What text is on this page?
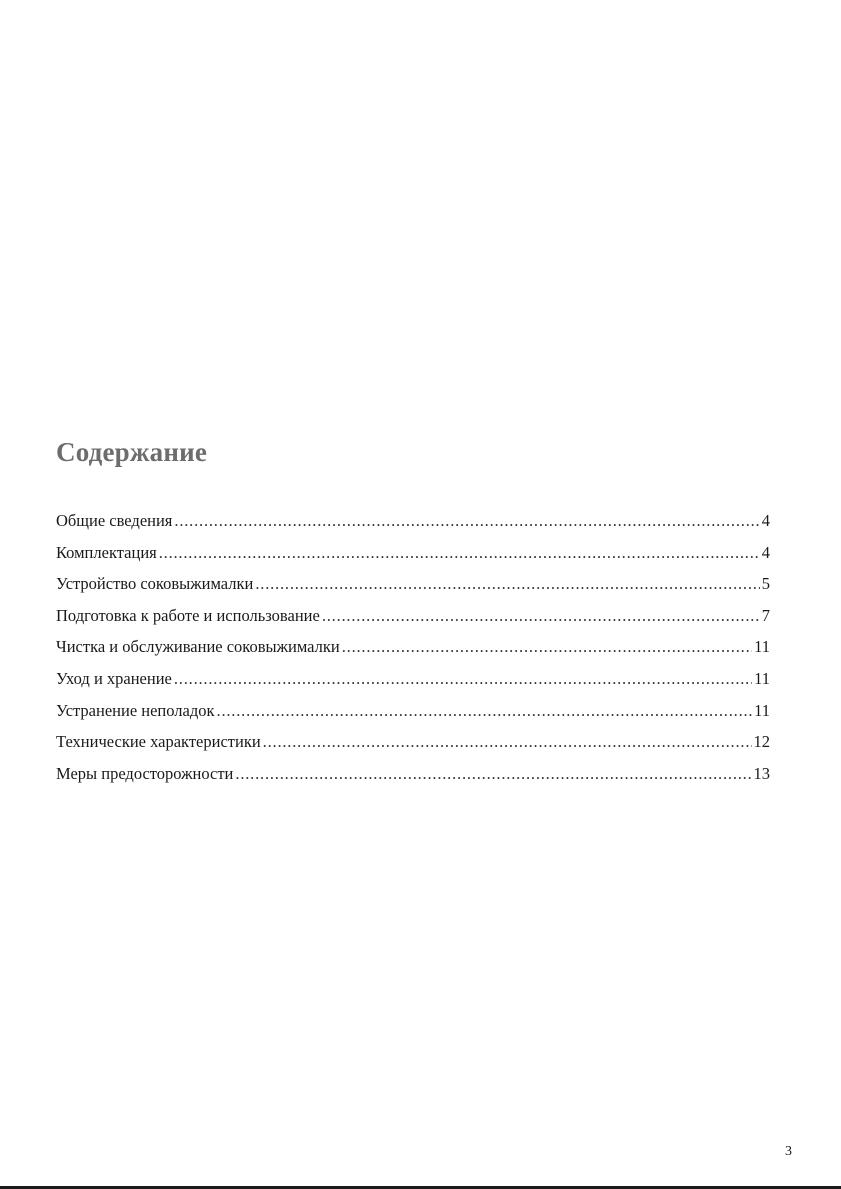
Содержание
Общие сведения .....	4
Комплектация .....	4
Устройство соковыжималки .....	5
Подготовка к работе и использование .....	7
Чистка и обслуживание соковыжималки .....	11
Уход и хранение .....	11
Устранение неполадок .....	11
Технические характеристики .....	12
Меры предосторожности .....	13
3
